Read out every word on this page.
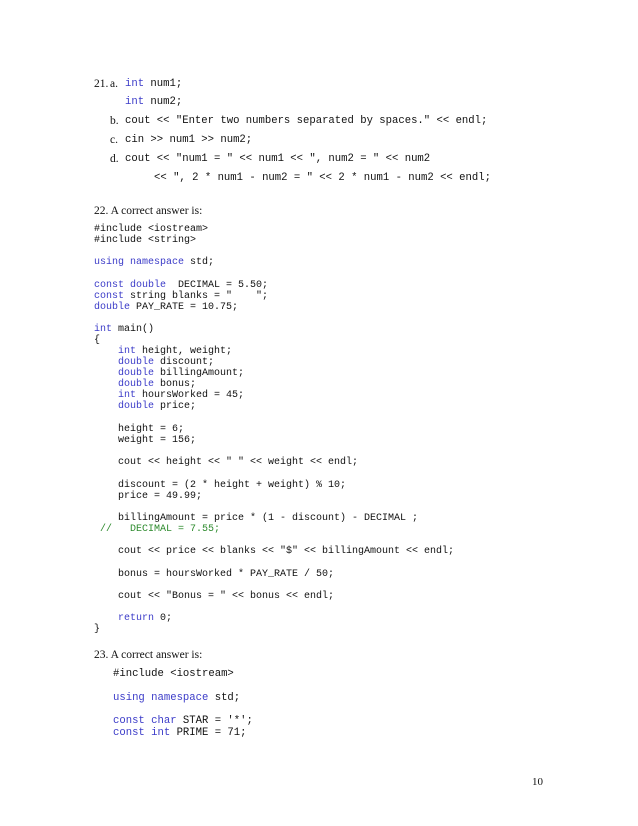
21. a. int num1;
int num2;
b. cout << "Enter two numbers separated by spaces." << endl;
c. cin >> num1 >> num2;
d. cout << "num1 = " << num1 << ", num2 = " << num2
<< ", 2 * num1 - num2 = " << 2 * num1 - num2 << endl;
22. A correct answer is:
#include <iostream>
#include <string>
using namespace std;
const double  DECIMAL = 5.50;
const string blanks = "    ";
double PAY_RATE = 10.75;
int main()
{
int height, weight;
double discount;
double billingAmount;
double bonus;
int hoursWorked = 45;
double price;
height = 6;
weight = 156;
cout << height << " " << weight << endl;
discount = (2 * height + weight) % 10;
price = 49.99;
billingAmount = price * (1 - discount) - DECIMAL ;
//   DECIMAL = 7.55;
cout << price << blanks << "$" << billingAmount << endl;
bonus = hoursWorked * PAY_RATE / 50;
cout << "Bonus = " << bonus << endl;
return 0;
}
23. A correct answer is:
#include <iostream>
using namespace std;
const char STAR = '*';
const int PRIME = 71;
10
